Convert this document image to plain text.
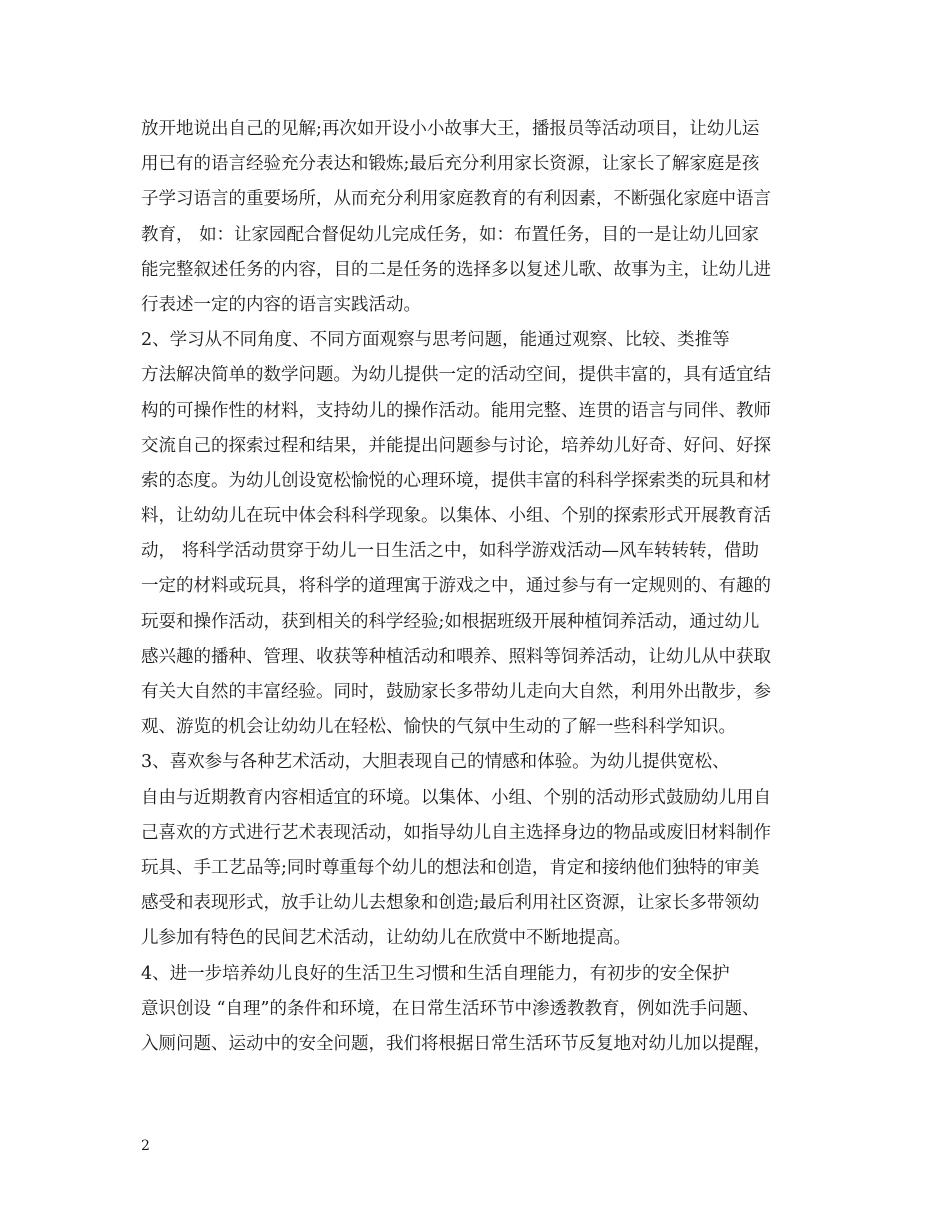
放开地说出自己的见解;再次如开设小小故事大王，播报员等活动项目，让幼儿运
用已有的语言经验充分表达和锻炼;最后充分利用家长资源，让家长了解家庭是孩
子学习语言的重要场所，从而充分利用家庭教育的有利因素，不断强化家庭中语言
教育， 如：让家园配合督促幼儿完成任务，如：布置任务，目的一是让幼儿回家
能完整叙述任务的内容，目的二是任务的选择多以复述儿歌、故事为主，让幼儿进
行表述一定的内容的语言实践活动。
2、学习从不同角度、不同方面观察与思考问题，能通过观察、比较、类推等
方法解决简单的数学问题。为幼儿提供一定的活动空间，提供丰富的，具有适宜结
构的可操作性的材料，支持幼儿的操作活动。能用完整、连贯的语言与同伴、教师
交流自己的探索过程和结果，并能提出问题参与讨论，培养幼儿好奇、好问、好探
索的态度。为幼儿创设宽松愉悦的心理环境，提供丰富的科科学探索类的玩具和材
料，让幼幼儿在玩中体会科科学现象。以集体、小组、个别的探索形式开展教育活
动， 将科学活动贯穿于幼儿一日生活之中，如科学游戏活动—风车转转转，借助
一定的材料或玩具，将科学的道理寓于游戏之中，通过参与有一定规则的、有趣的
玩耍和操作活动，获到相关的科学经验;如根据班级开展种植饲养活动，通过幼儿
感兴趣的播种、管理、收获等种植活动和喂养、照料等饲养活动，让幼儿从中获取
有关大自然的丰富经验。同时，鼓励家长多带幼儿走向大自然，利用外出散步，参
观、游览的机会让幼幼儿在轻松、愉快的气氛中生动的了解一些科科学知识。
3、喜欢参与各种艺术活动，大胆表现自己的情感和体验。为幼儿提供宽松、
自由与近期教育内容相适宜的环境。以集体、小组、个别的活动形式鼓励幼儿用自
己喜欢的方式进行艺术表现活动，如指导幼儿自主选择身边的物品或废旧材料制作
玩具、手工艺品等;同时尊重每个幼儿的想法和创造，肯定和接纳他们独特的审美
感受和表现形式，放手让幼儿去想象和创造;最后利用社区资源，让家长多带领幼
儿参加有特色的民间艺术活动，让幼幼儿在欣赏中不断地提高。
4、进一步培养幼儿良好的生活卫生习惯和生活自理能力，有初步的安全保护
意识创设 “自理”的条件和环境，在日常生活环节中渗透教教育，例如洗手问题、
入厕问题、运动中的安全问题，我们将根据日常生活环节反复地对幼儿加以提醒，
2
